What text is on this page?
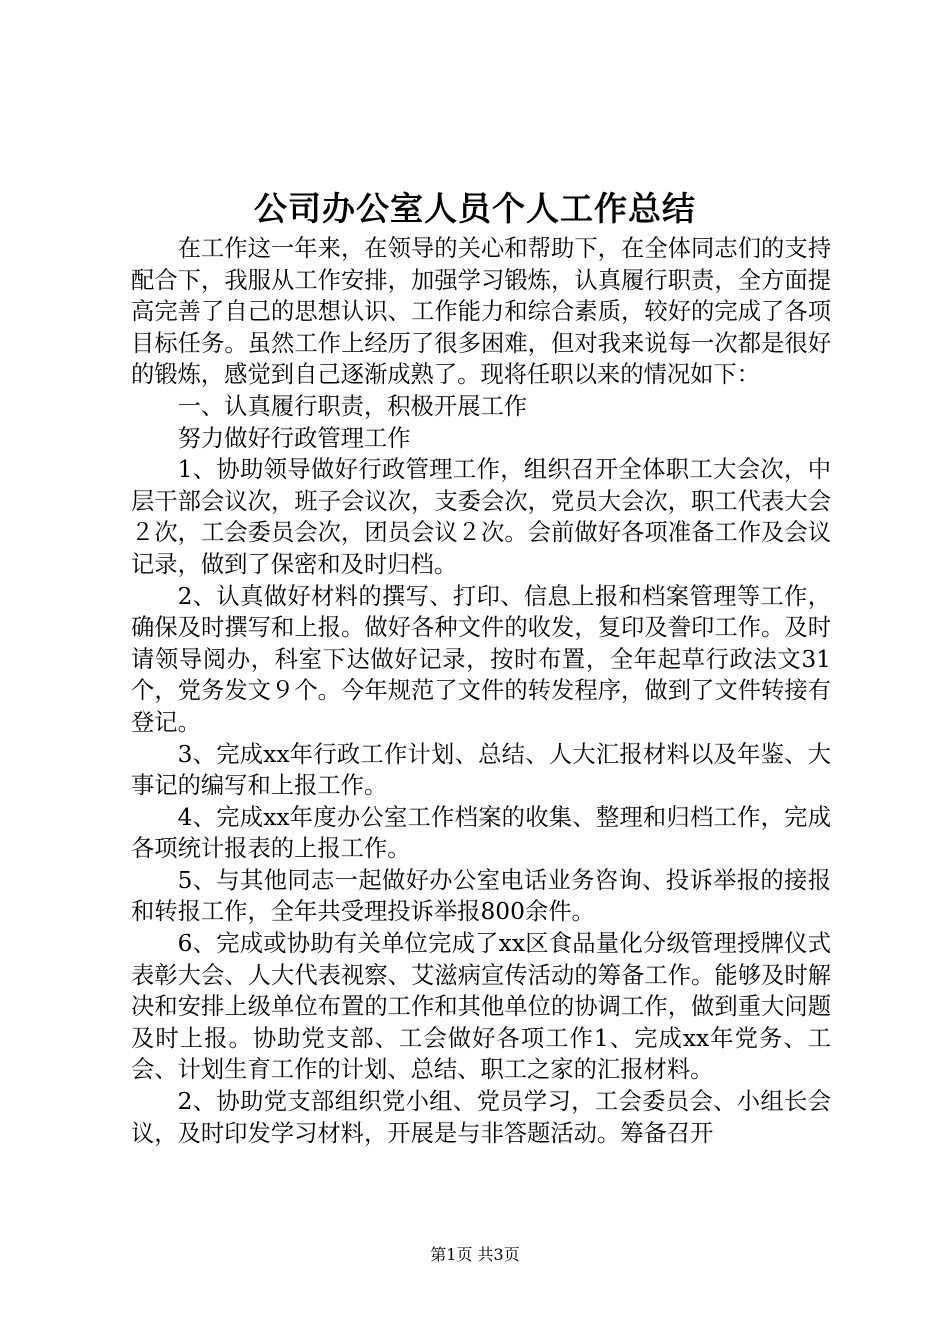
公司办公室人员个人工作总结

在工作这一年来，在领导的关心和帮助下，在全体同志们的支持配合下，我服从工作安排，加强学习锻炼，认真履行职责，全方面提高完善了自己的思想认识、工作能力和综合素质，较好的完成了各项目标任务。虽然工作上经历了很多困难，但对我来说每一次都是很好的锻炼，感觉到自己逐渐成熟了。现将任职以来的情况如下：

一、认真履行职责，积极开展工作

努力做好行政管理工作

1、协助领导做好行政管理工作，组织召开全体职工大会次，中层干部会议次，班子会议次，支委会次，党员大会次，职工代表大会２次，工会委员会次，团员会议２次。会前做好各项准备工作及会议记录，做到了保密和及时归档。

2、认真做好材料的撰写、打印、信息上报和档案管理等工作，确保及时撰写和上报。做好各种文件的收发，复印及誊印工作。及时请领导阅办，科室下达做好记录，按时布置，全年起草行政法文31个，党务发文９个。今年规范了文件的转发程序，做到了文件转接有登记。

3、完成xx年行政工作计划、总结、人大汇报材料以及年鉴、大事记的编写和上报工作。

4、完成xx年度办公室工作档案的收集、整理和归档工作，完成各项统计报表的上报工作。

5、与其他同志一起做好办公室电话业务咨询、投诉举报的接报和转报工作，全年共受理投诉举报800余件。

6、完成或协助有关单位完成了xx区食品量化分级管理授牌仪式表彰大会、人大代表视察、艾滋病宣传活动的筹备工作。能够及时解决和安排上级单位布置的工作和其他单位的协调工作，做到重大问题及时上报。协助党支部、工会做好各项工作1、完成xx年党务、工会、计划生育工作的计划、总结、职工之家的汇报材料。

2、协助党支部组织党小组、党员学习，工会委员会、小组长会议，及时印发学习材料，开展是与非答题活动。筹备召开

第1页 共3页
